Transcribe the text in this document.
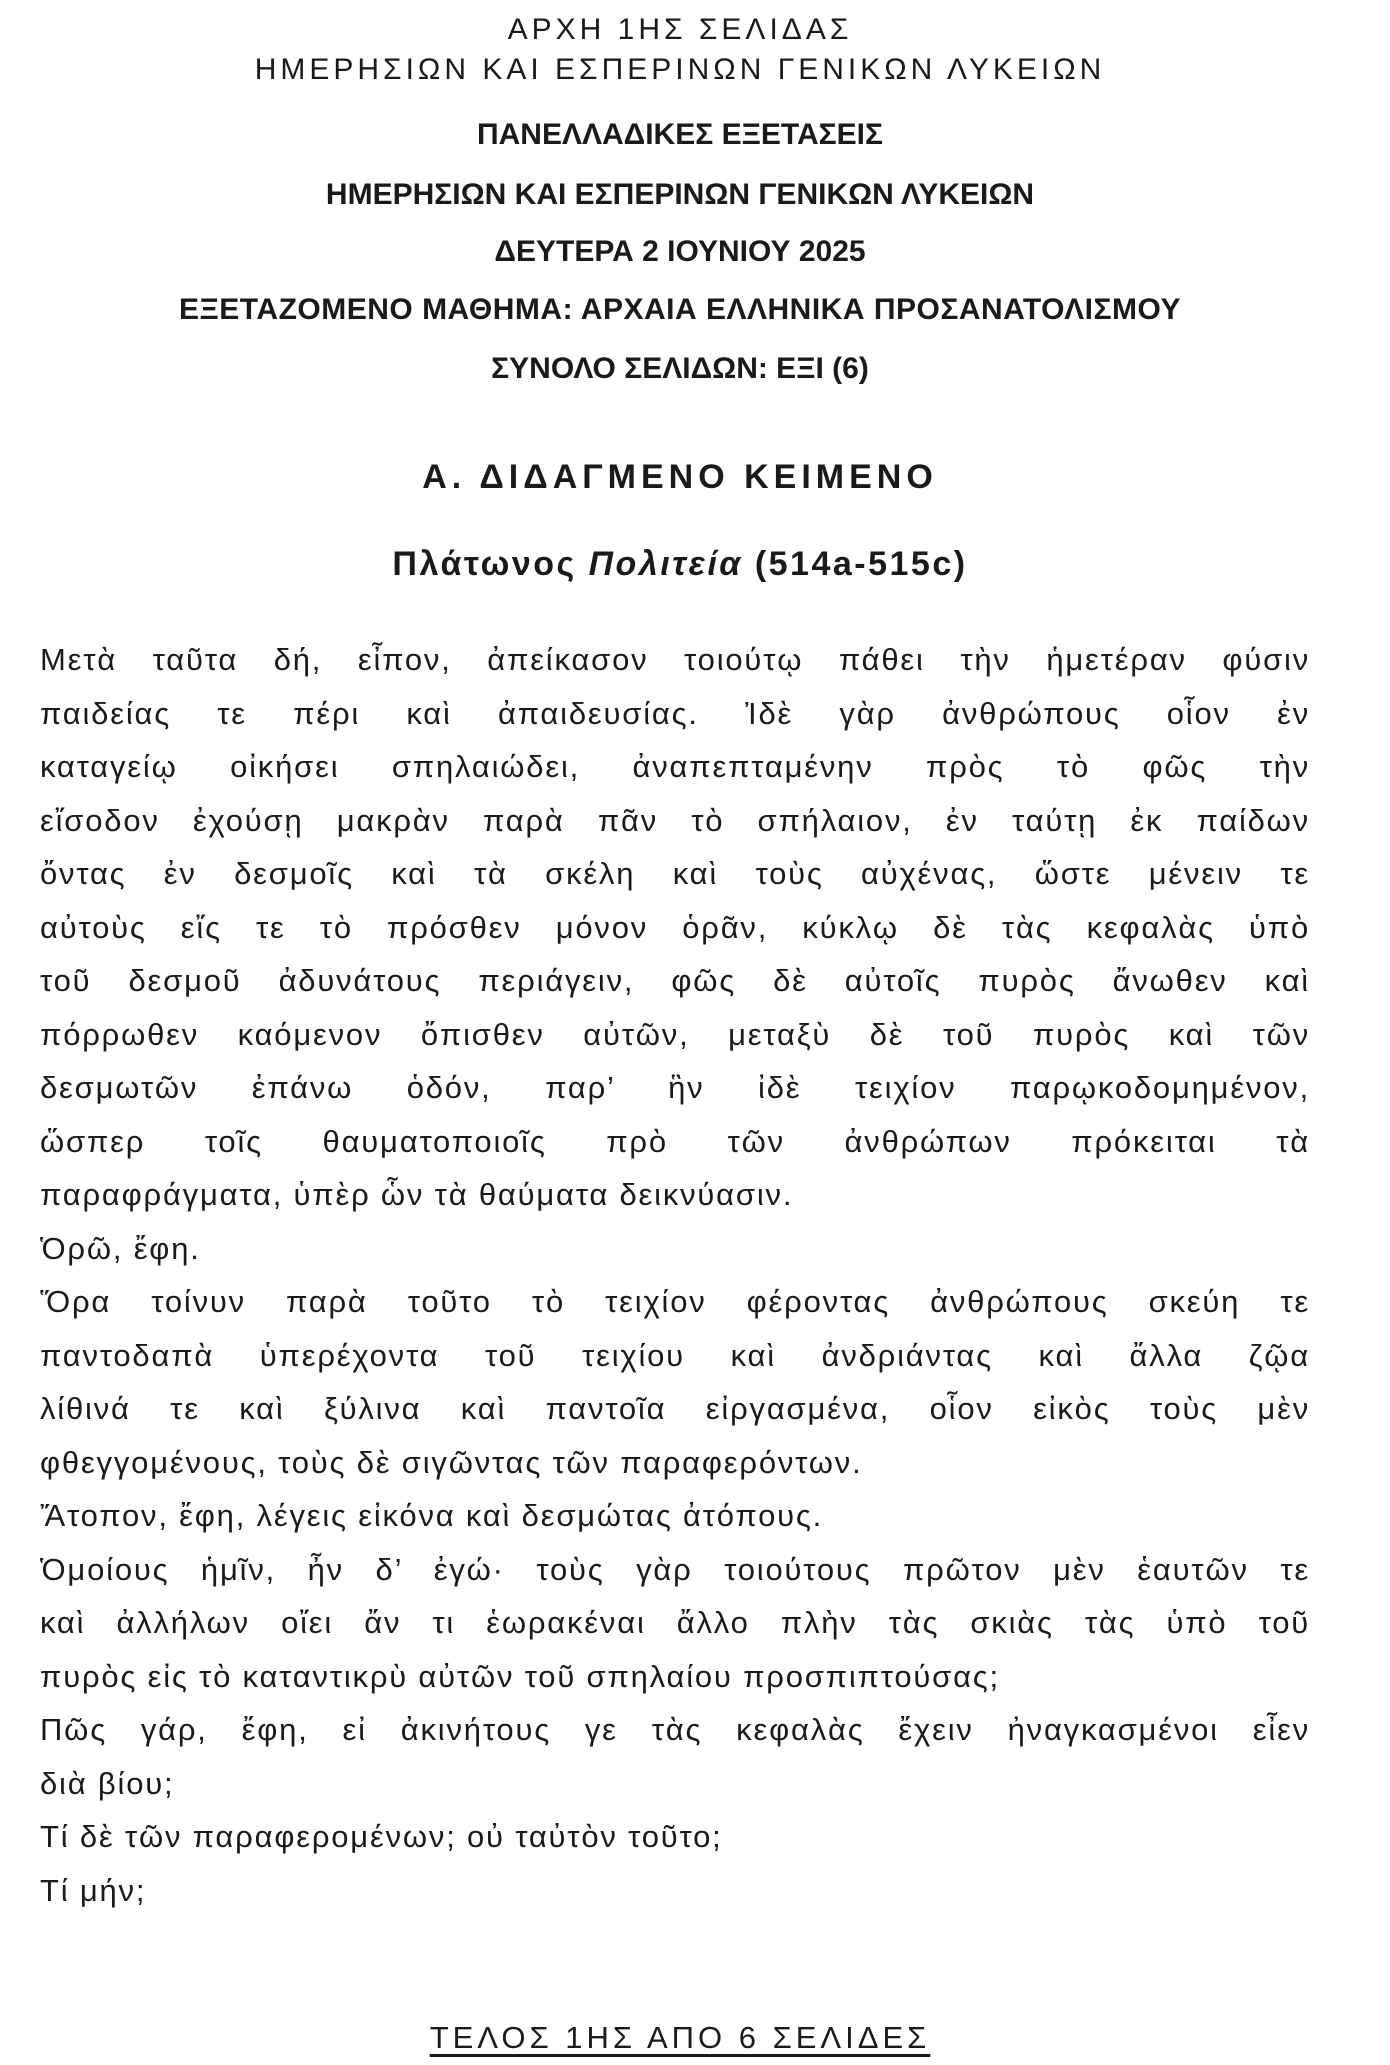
ΑΡΧΗ 1ΗΣ ΣΕΛΙΔΑΣ
ΗΜΕΡΗΣΙΩΝ ΚΑΙ ΕΣΠΕΡΙΝΩΝ ΓΕΝΙΚΩΝ ΛΥΚΕΙΩΝ
ΠΑΝΕΛΛΑΔΙΚΕΣ ΕΞΕΤΑΣΕΙΣ
ΗΜΕΡΗΣΙΩΝ ΚΑΙ ΕΣΠΕΡΙΝΩΝ ΓΕΝΙΚΩΝ ΛΥΚΕΙΩΝ
ΔΕΥΤΕΡΑ 2 ΙΟΥΝΙΟΥ 2025
ΕΞΕΤΑΖΟΜΕΝΟ ΜΑΘΗΜΑ: ΑΡΧΑΙΑ ΕΛΛΗΝΙΚΑ ΠΡΟΣΑΝΑΤΟΛΙΣΜΟΥ
ΣΥΝΟΛΟ ΣΕΛΙΔΩΝ: ΕΞΙ (6)
Α. ΔΙΔΑΓΜΕΝΟ ΚΕΙΜΕΝΟ
Πλάτωνος Πολιτεία (514a-515c)
Μετὰ ταῦτα δή, εἶπον, ἀπείκασον τοιούτῳ πάθει τὴν ἡμετέραν φύσιν
παιδείας τε πέρι καὶ ἀπαιδευσίας. Ἰδὲ γὰρ ἀνθρώπους οἷον ἐν
καταγείῳ οἰκήσει σπηλαιώδει, ἀναπεπταμένην πρὸς τὸ φῶς τὴν
εἴσοδον ἐχούσῃ μακρὰν παρὰ πᾶν τὸ σπήλαιον, ἐν ταύτῃ ἐκ παίδων
ὄντας ἐν δεσμοῖς καὶ τὰ σκέλη καὶ τοὺς αὐχένας, ὥστε μένειν τε
αὐτοὺς εἴς τε τὸ πρόσθεν μόνον ὁρᾶν, κύκλῳ δὲ τὰς κεφαλὰς ὑπὸ
τοῦ δεσμοῦ ἀδυνάτους περιάγειν, φῶς δὲ αὐτοῖς πυρὸς ἄνωθεν καὶ
πόρρωθεν καόμενον ὄπισθεν αὐτῶν, μεταξὺ δὲ τοῦ πυρὸς καὶ τῶν
δεσμωτῶν ἐπάνω ὁδόν, παρ’ ἣν ἰδὲ τειχίον παρῳκοδομημένον,
ὥσπερ τοῖς θαυματοποιοῖς πρὸ τῶν ἀνθρώπων πρόκειται τὰ
παραφράγματα, ὑπὲρ ὧν τὰ θαύματα δεικνύασιν.
Ὁρῶ, ἔφη.
Ὅρα τοίνυν παρὰ τοῦτο τὸ τειχίον φέροντας ἀνθρώπους σκεύη τε
παντοδαπὰ ὑπερέχοντα τοῦ τειχίου καὶ ἀνδριάντας καὶ ἄλλα ζῷα
λίθινά τε καὶ ξύλινα καὶ παντοῖα εἰργασμένα, οἷον εἰκὸς τοὺς μὲν
φθεγγομένους, τοὺς δὲ σιγῶντας τῶν παραφερόντων.
Ἄτοπον, ἔφη, λέγεις εἰκόνα καὶ δεσμώτας ἀτόπους.
Ὁμοίους ἡμῖν, ἦν δ’ ἐγώ· τοὺς γὰρ τοιούτους πρῶτον μὲν ἑαυτῶν τε
καὶ ἀλλήλων οἴει ἄν τι ἑωρακέναι ἄλλο πλὴν τὰς σκιὰς τὰς ὑπὸ τοῦ
πυρὸς εἰς τὸ καταντικρὺ αὐτῶν τοῦ σπηλαίου προσπιπτούσας;
Πῶς γάρ, ἔφη, εἰ ἀκινήτους γε τὰς κεφαλὰς ἔχειν ἠναγκασμένοι εἶεν
διὰ βίου;
Τί δὲ τῶν παραφερομένων; οὐ ταὐτὸν τοῦτο;
Τί μήν;
ΤΕΛΟΣ 1ΗΣ ΑΠΟ 6 ΣΕΛΙΔΕΣ
